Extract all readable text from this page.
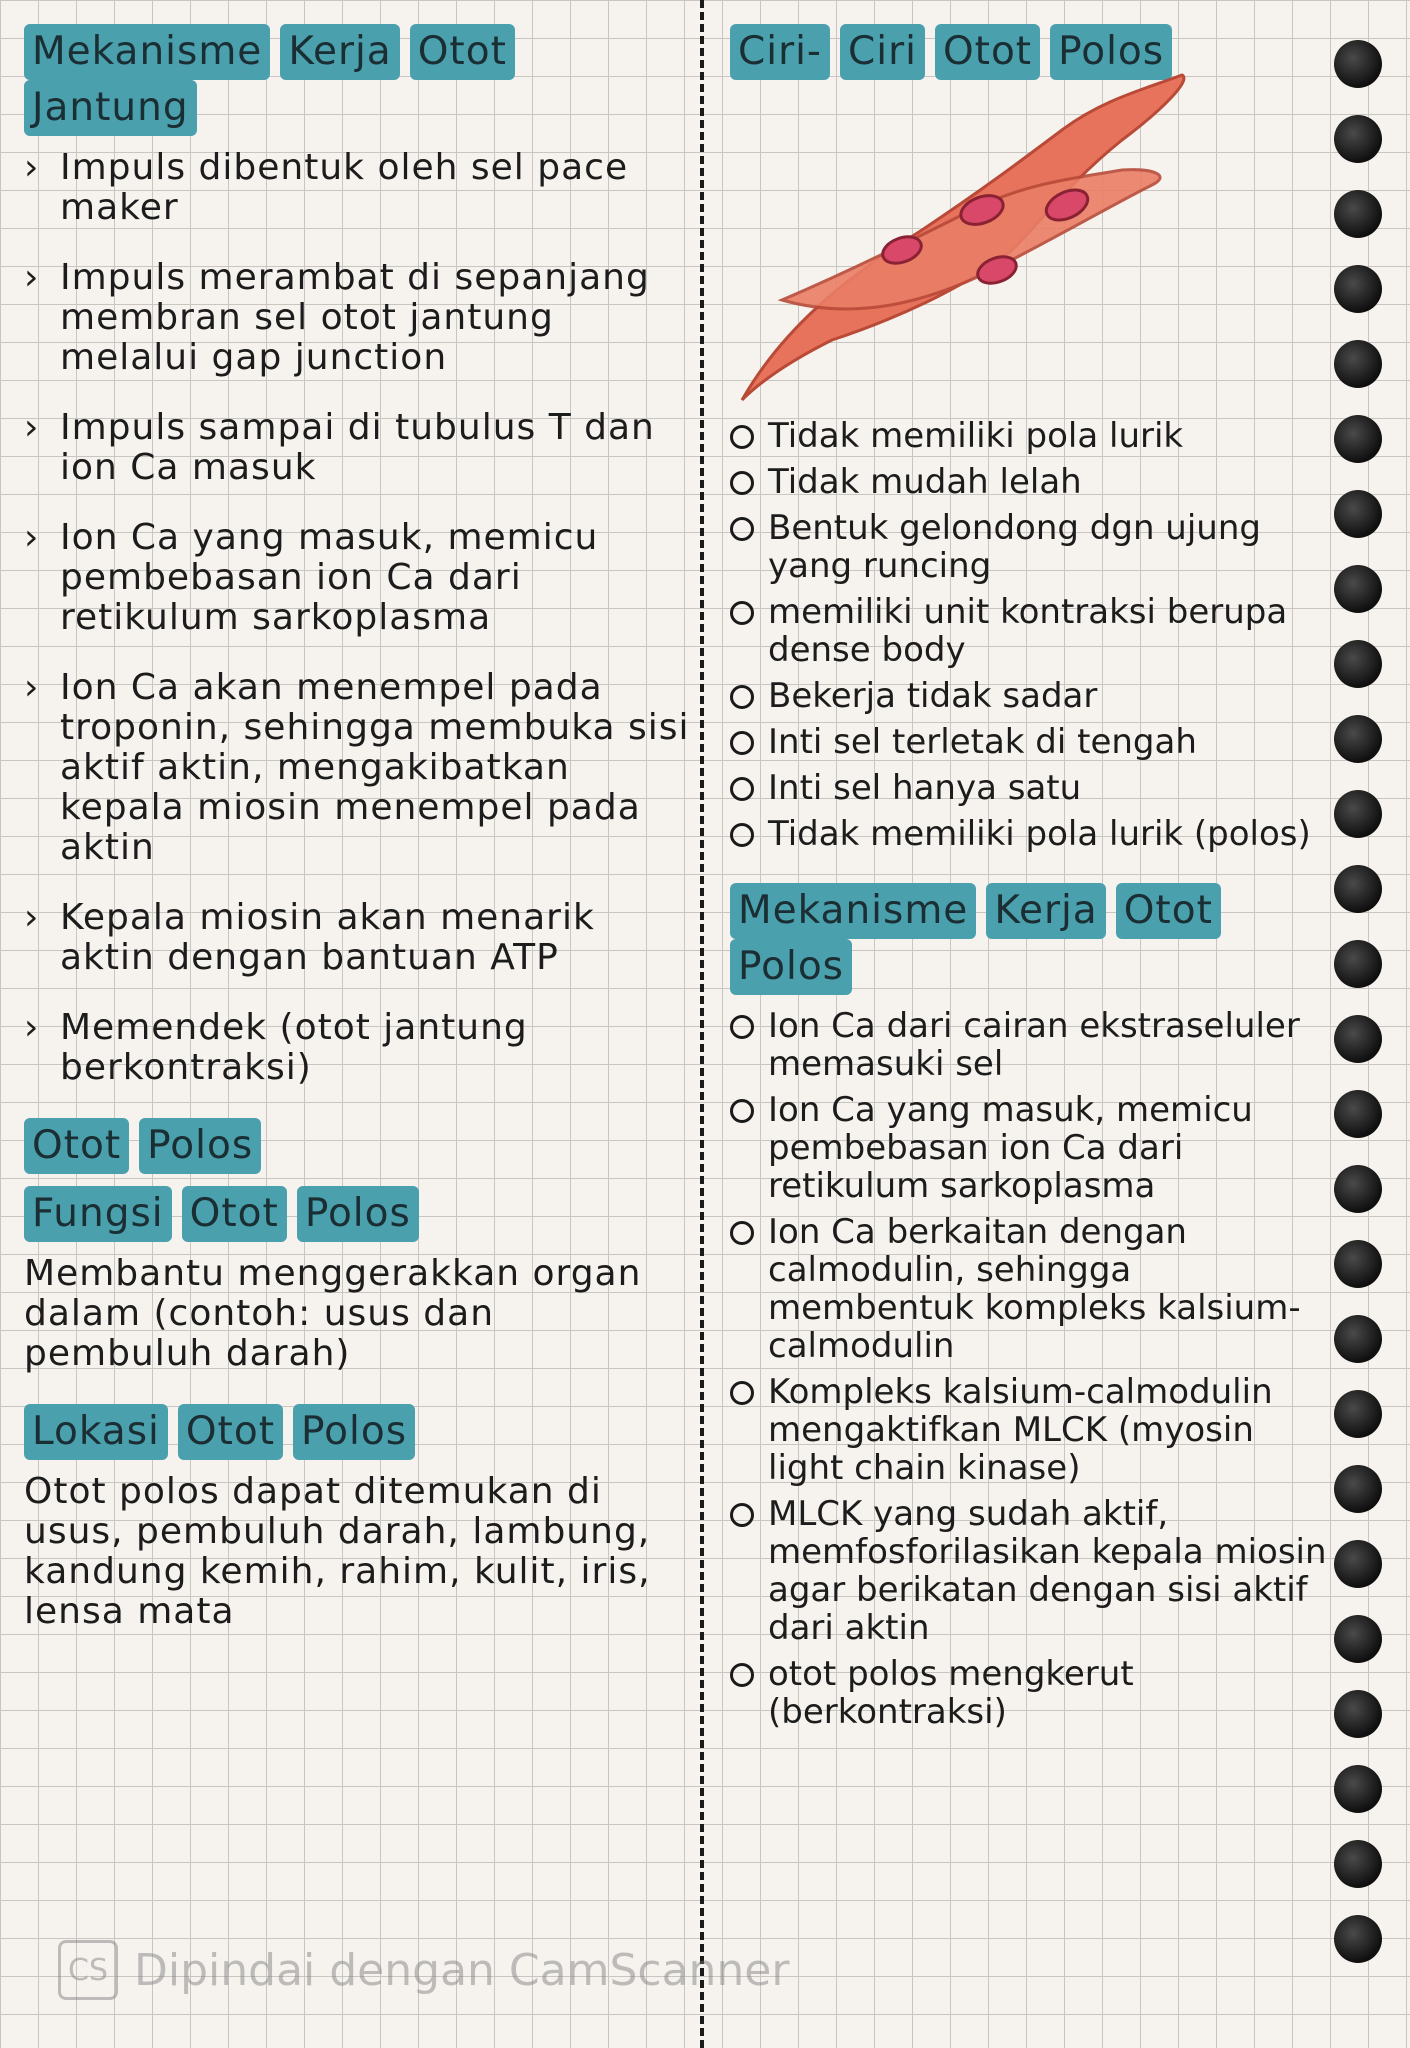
Mekanisme Kerja OtotJantung
› Impuls dibentuk oleh sel pace maker
› Impuls merambat di sepanjang membran sel otot jantung melalui gap junction
› Impuls sampai di tubulus T dan ion Ca masuk
› Ion Ca yang masuk, memicu pembebasan ion Ca dari retikulum sarkoplasma
› Ion Ca akan menempel pada troponin, sehingga membuka sisi aktif aktin, mengakibatkan kepala miosin menempel pada aktin
› Kepala miosin akan menarik aktin dengan bantuan ATP
› Memendek (otot jantung berkontraksi)
Otot Polos
Fungsi Otot Polos
Membantu menggerakkan organ dalam (contoh: usus dan pembuluh darah)
Lokasi Otot Polos
Otot polos dapat ditemukan di usus, pembuluh darah, lambung, kandung kemih, rahim, kulit, iris, lensa mata
Ciri- Ciri Otot Polos
Tidak memiliki pola lurik
Tidak mudah lelah
Bentuk gelondong dgn ujung yang runcing
memiliki unit kontraksi berupa dense body
Bekerja tidak sadar
Inti sel terletak di tengah
Inti sel hanya satu
Tidak memiliki pola lurik (polos)
Mekanisme Kerja OtotPolos
Ion Ca dari cairan ekstraseluler memasuki sel
Ion Ca yang masuk, memicu pembebasan ion Ca dari retikulum sarkoplasma
Ion Ca berkaitan dengan calmodulin, sehingga membentuk kompleks kalsium-calmodulin
Kompleks kalsium-calmodulin mengaktifkan MLCK (myosin light chain kinase)
MLCK yang sudah aktif, memfosforilasikan kepala miosin agar berikatan dengan sisi aktif dari aktin
otot polos mengkerut (berkontraksi)
CS Dipindai dengan CamScanner
